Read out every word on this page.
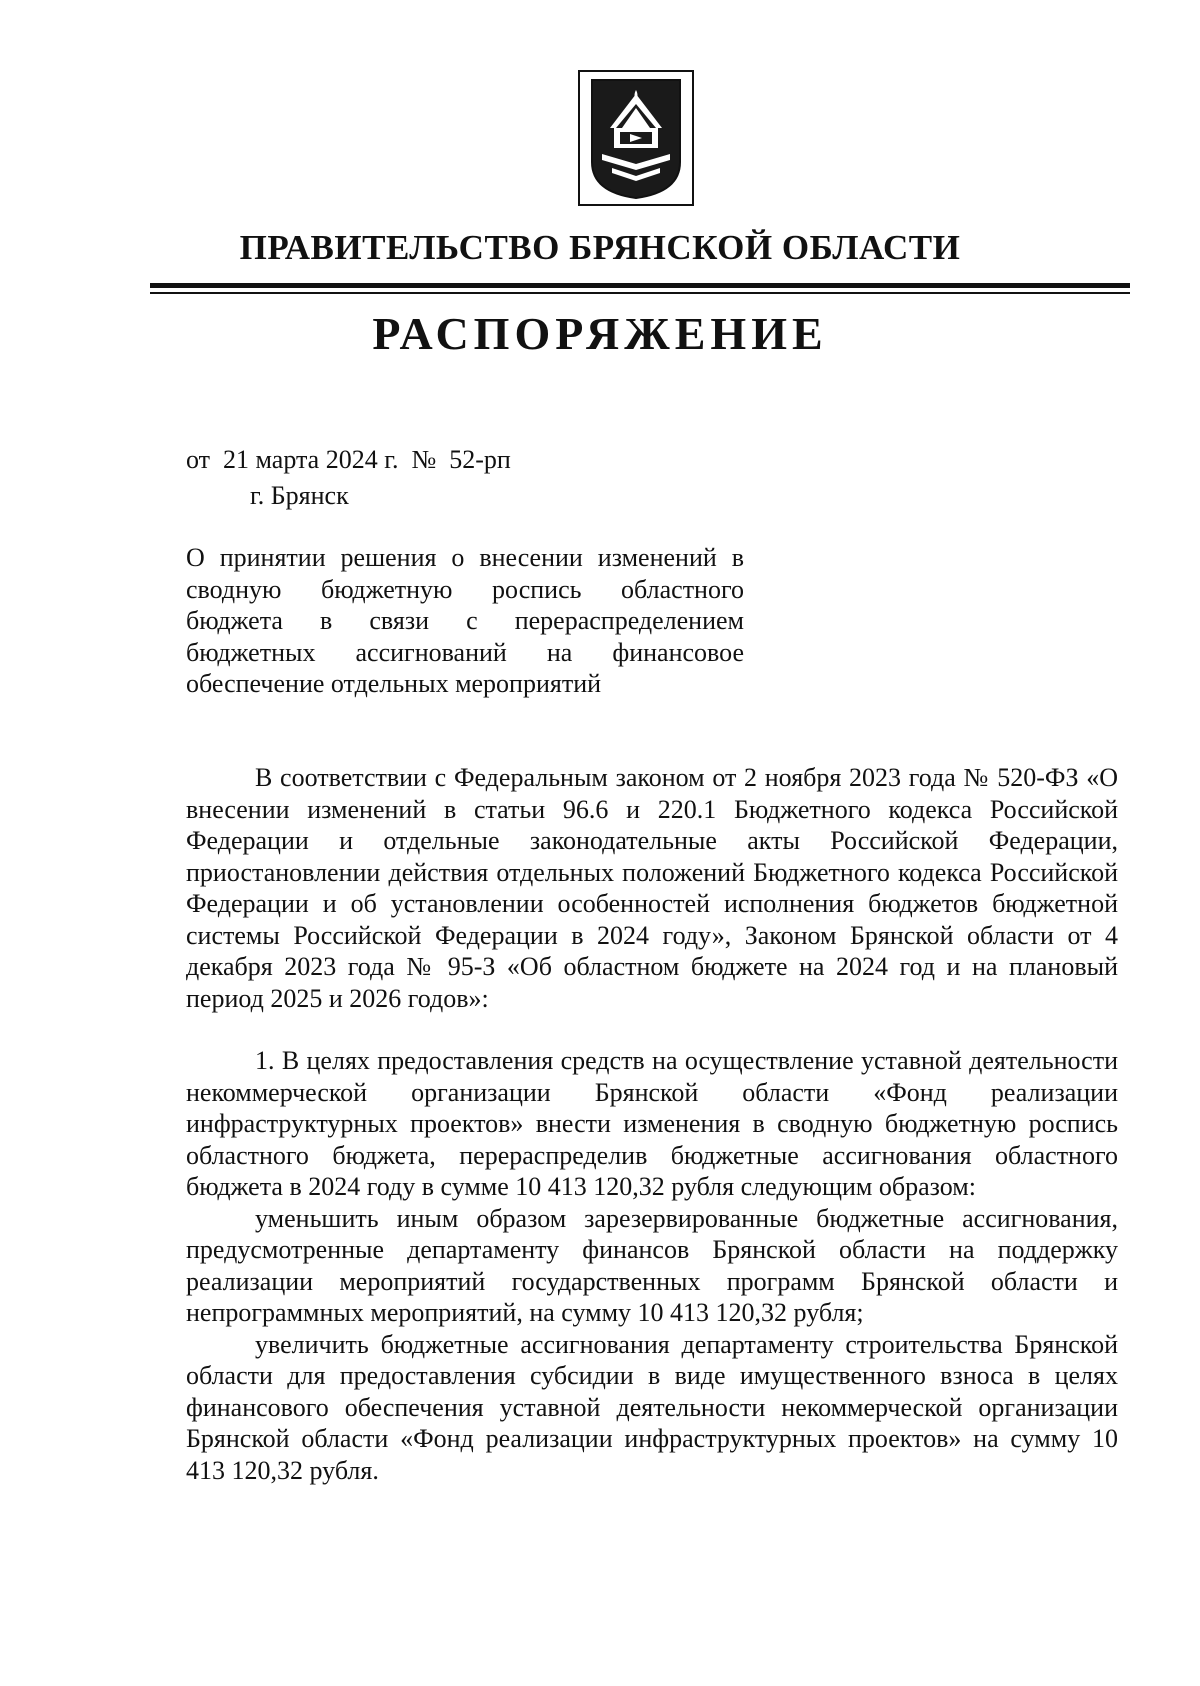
ПРАВИТЕЛЬСТВО БРЯНСКОЙ ОБЛАСТИ
РАСПОРЯЖЕНИЕ
от  21 марта 2024 г. №  52-рп
г. Брянск
О принятии решения о внесении изменений в сводную бюджетную роспись областного бюджета в связи с перераспределением бюджетных ассигнований на финансовое обеспечение отдельных мероприятий

В соответствии с Федеральным законом от 2 ноября 2023 года № 520-ФЗ «О внесении изменений в статьи 96.6 и 220.1 Бюджетного кодекса Российской Федерации и отдельные законодательные акты Российской Федерации, приостановлении действия отдельных положений Бюджетного кодекса Российской Федерации и об установлении особенностей исполнения бюджетов бюджетной системы Российской Федерации в 2024 году», Законом Брянской области от 4 декабря 2023 года № 95-З «Об областном бюджете на 2024 год и на плановый период 2025 и 2026 годов»:

1. В целях предоставления средств на осуществление уставной деятельности некоммерческой организации Брянской области «Фонд реализации инфраструктурных проектов» внести изменения в сводную бюджетную роспись областного бюджета, перераспределив бюджетные ассигнования областного бюджета в 2024 году в сумме 10 413 120,32 рубля следующим образом:

уменьшить иным образом зарезервированные бюджетные ассигнования, предусмотренные департаменту финансов Брянской области на поддержку реализации мероприятий государственных программ Брянской области и непрограммных мероприятий, на сумму 10 413 120,32 рубля;

увеличить бюджетные ассигнования департаменту строительства Брянской области для предоставления субсидии в виде имущественного взноса в целях финансового обеспечения уставной деятельности некоммерческой организации Брянской области «Фонд реализации инфраструктурных проектов» на сумму 10 413 120,32 рубля.
